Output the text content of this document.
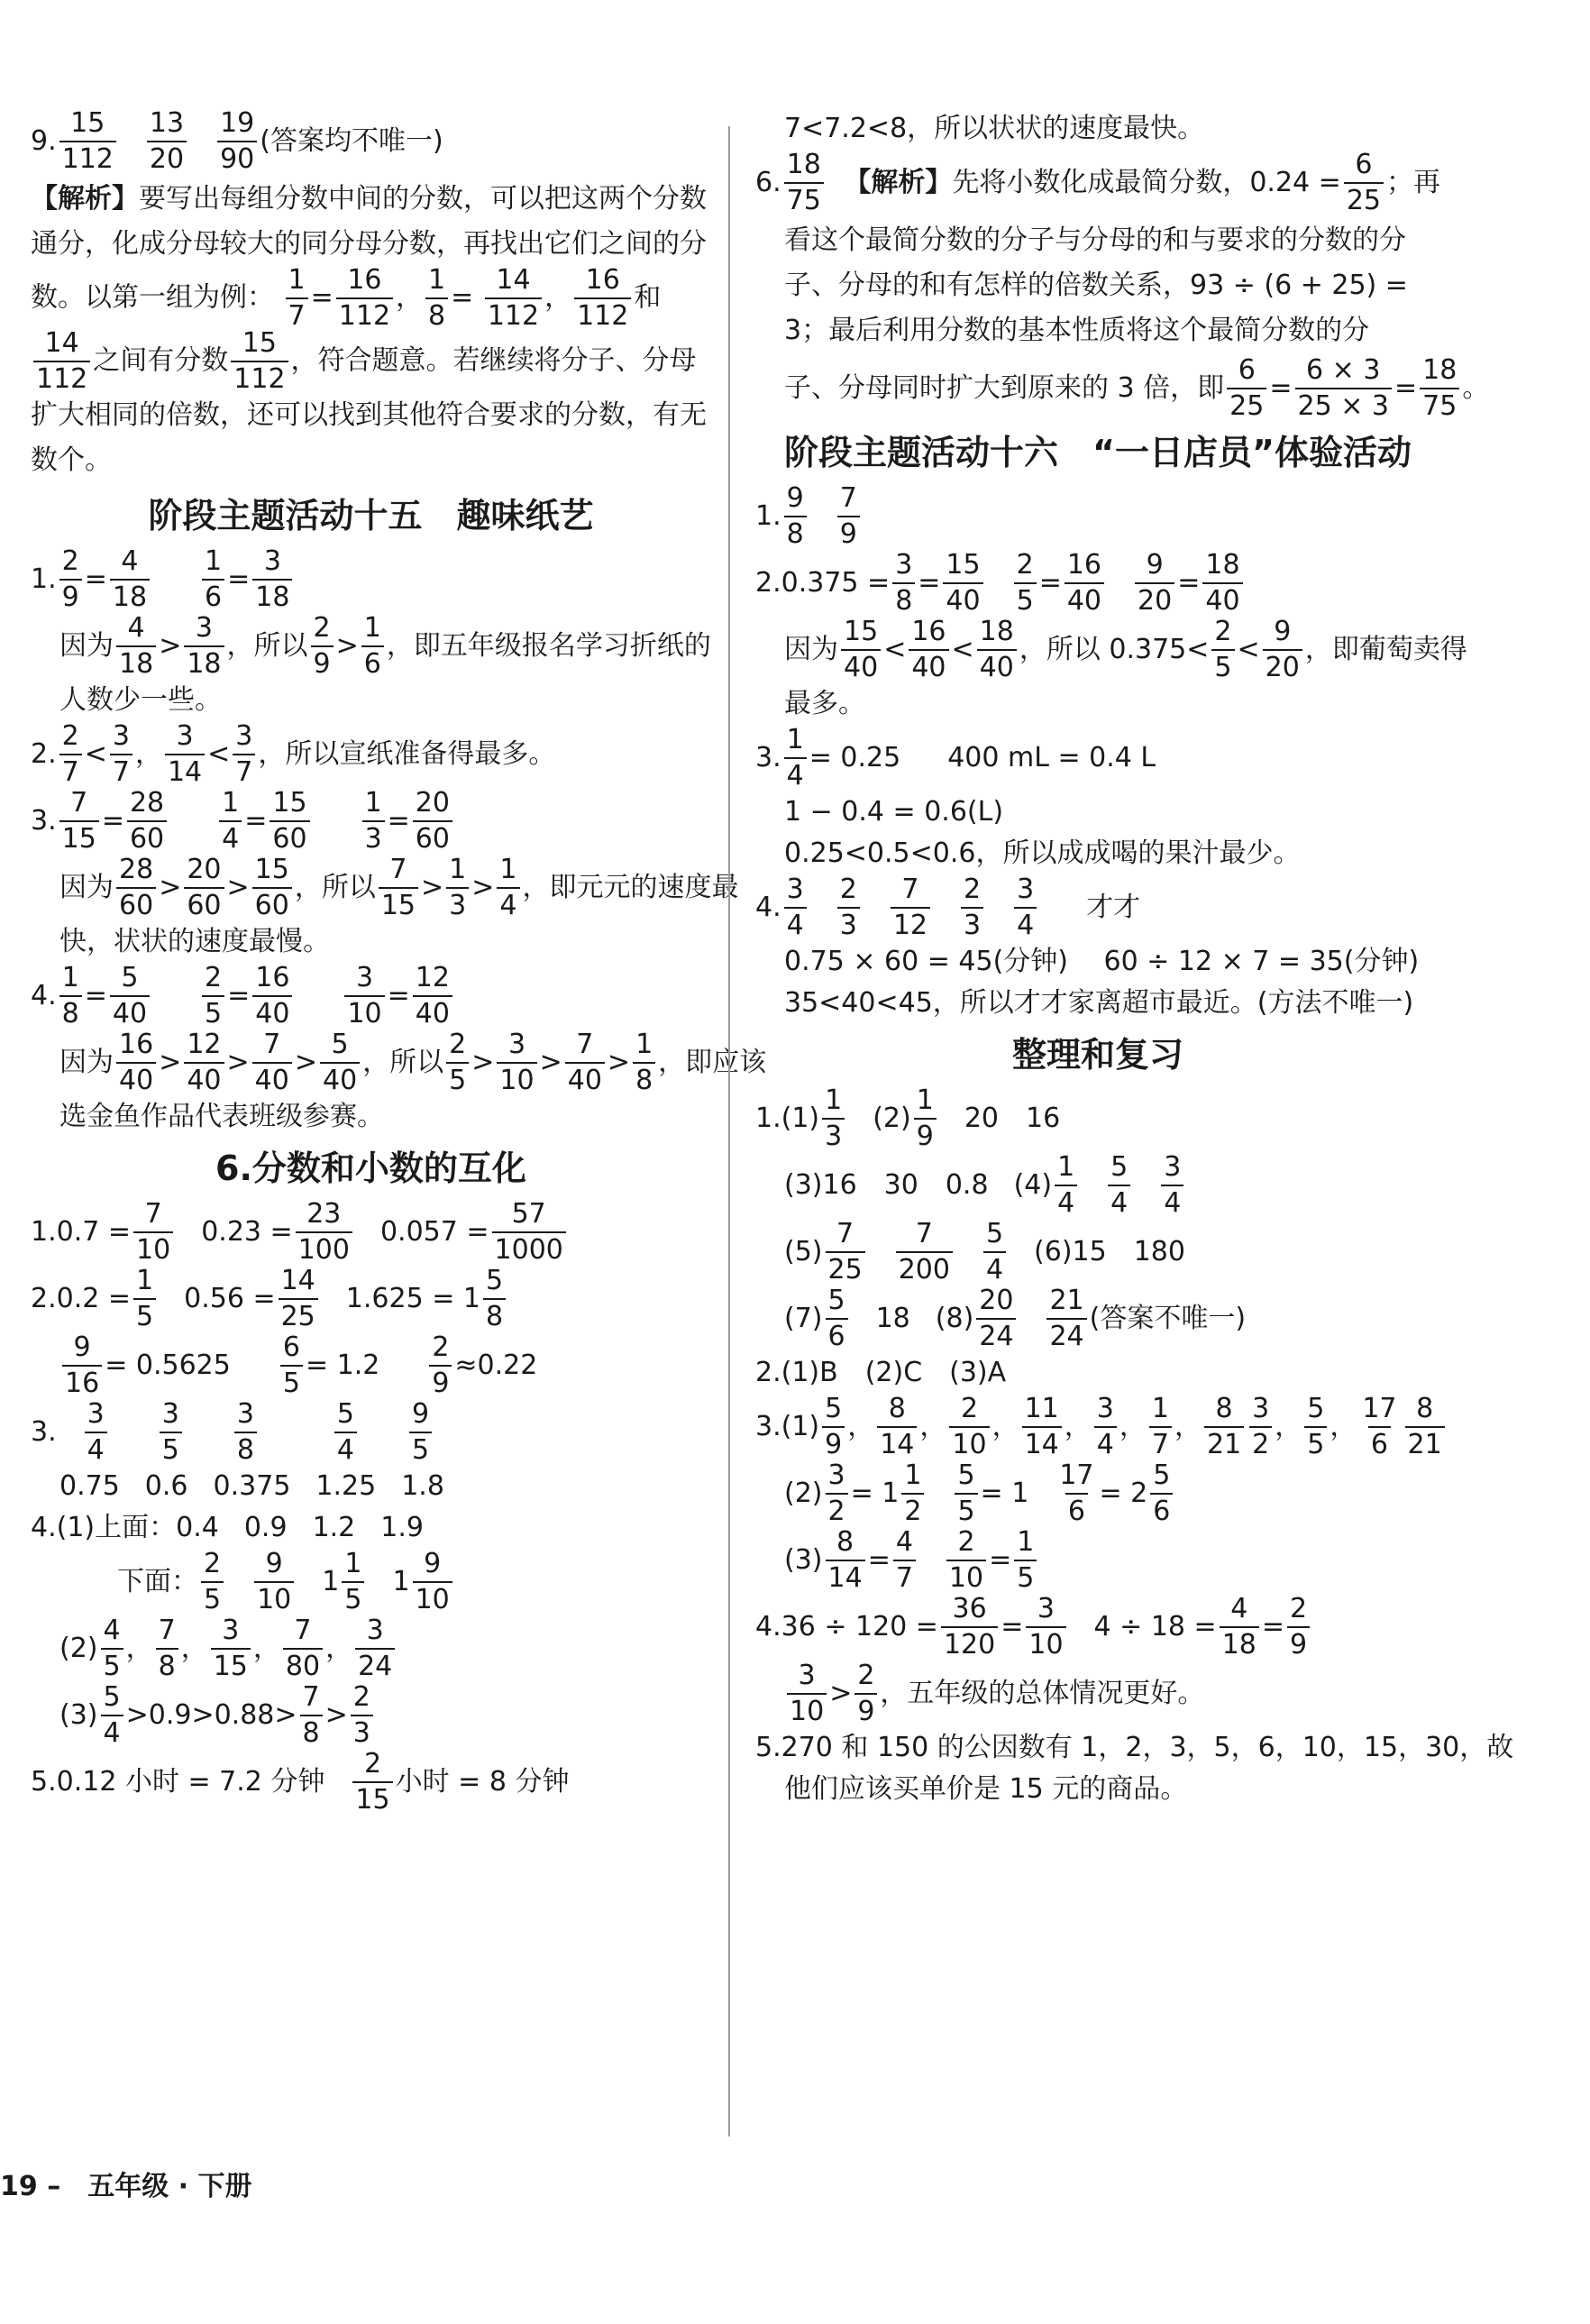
9. $\frac{15}{112} \frac{13}{20} \frac{19}{90}$ (答案均不唯一)

【解析】要写出每组分数中间的分数，可以把这两个分数通分，化成分母较大的同分母分数，再找出它们之间的分数。以第一组为例： $\frac{1}{7} = \frac{16}{112}$ ， $\frac{1}{8} = \frac{14}{112}$ ， $\frac{16}{112}$ 和
$\frac{14}{112}$ 之间有分数 $\frac{15}{112}$ ，符合题意。若继续将分子、分母扩大相同的倍数，还可以找到其他符合要求的分数，有无数个。

阶段主题活动十五　趣味纸艺
1. $\frac{2}{9} = \frac{4}{18} \frac{1}{6} = \frac{3}{18}$
因为 $\frac{4}{18} > \frac{3}{18}$ ，所以 $\frac{2}{9} > \frac{1}{6}$ ，即五年级报名学习折纸的
人数少一些。
2. $\frac{2}{7} < \frac{3}{7}$ ， $\frac{3}{14} < \frac{3}{7}$ ，所以宣纸准备得最多。
3. $\frac{7}{15} = \frac{28}{60} \frac{1}{4} = \frac{15}{60} \frac{1}{3} = \frac{20}{60}$
因为 $\frac{28}{60} > \frac{20}{60} > \frac{15}{60}$ ，所以 $\frac{7}{15} > \frac{1}{3} > \frac{1}{4}$ ，即元元的速度最
快，状状的速度最慢。
4. $\frac{1}{8} = \frac{5}{40} \frac{2}{5} = \frac{16}{40} \frac{3}{10} = \frac{12}{40}$
因为 $\frac{16}{40} > \frac{12}{40} > \frac{7}{40} > \frac{5}{40}$ ，所以 $\frac{2}{5} > \frac{3}{10} > \frac{7}{40} > \frac{1}{8}$ ，即应该
选金鱼作品代表班级参赛。
6.分数和小数的互化
1. $0.7 = \frac{7}{10} 0.23 = \frac{23}{100} 0.057 = \frac{57}{1000}$
2. $0.2 = \frac{1}{5} 0.56 = \frac{14}{25} 1.625 = 1 \frac{5}{8}$
$\frac{9}{16} = 0.5625 \frac{6}{5} = 1.2 \frac{2}{9} \approx 0.22$
3. $\frac{3}{4} \frac{3}{5} \frac{3}{8}$	$\frac{5}{4} \frac{9}{5}$
0.75 0.6 0.375 1.25 1.8
4. (1)上面： 0.4 0.9 1.2 1.9
下面： $\frac{2}{5} \frac{9}{10} 1 \frac{1}{5} 1 \frac{9}{10}$
$(2) \frac{4}{5}$ ， $\frac{7}{8}$ ， $\frac{3}{15}$ ， $\frac{7}{80}$ ， $\frac{3}{24}$
$(3) \frac{5}{4} >0.9>0.88> \frac{7}{8} > \frac{2}{3}$
5. 0.12 小时 = 7.2 分钟 $\frac{2}{15}$ 小时 = 8 分钟
7<7.2<8，所以状状的速度最快。
6. $\frac{18}{75}$ 【解析】 先将小数化成最简分数，$0.24 = \frac{6}{25}$ ；再

看这个最简分数的分子与分母的和与要求的分数的分子、分母的和有怎样的倍数关系，93 ÷ (6 + 25) = 3；最后利用分数的基本性质将这个最简分数的分

子、分母同时扩大到原来的 3 倍，即 $\frac{6}{25} = \frac{6 \times 3}{25 \times 3} = \frac{18}{75}$ 。
阶段主题活动十六　“一日店员”体验活动
1. $\frac{9}{8} \frac{7}{9}$
2. $0.375 = \frac{3}{8} = \frac{15}{40} \frac{2}{5} = \frac{16}{40} \frac{9}{20} = \frac{18}{40}$
因为 $\frac{15}{40} < \frac{16}{40} < \frac{18}{40}$ ，所以 $0.375< \frac{2}{5} < \frac{9}{20}$ ，即葡萄卖得
最多。
3. $\frac{1}{4} = 0.25$ 400 mL = 0.4 L
1 − 0.4 = 0.6(L)
0.25<0.5<0.6，所以成成喝的果汁最少。
4. $\frac{3}{4} \frac{2}{3} \frac{7}{12} \frac{2}{3} \frac{3}{4}$ 才才
0.75 × 60 = 45(分钟)　 60 ÷ 12 × 7 = 35(分钟)
35<40<45，所以才才家离超市最近。(方法不唯一)
整理和复习
1. $(1) \frac{1}{3} (2) \frac{1}{9} 20$　16
(3)16　30　0.8 $(4) \frac{1}{4} \frac{5}{4} \frac{3}{4}$
$(5) \frac{7}{25} \frac{7}{200} \frac{5}{4} (6)15$　180
$(7) \frac{5}{6} 18$ $(8) \frac{20}{24} \frac{21}{24}$ (答案不唯一)
2.(1)B　(2)C　(3)A
3. $(1) \frac{5}{9}$ ， $\frac{8}{14}$ ， $\frac{2}{10}$ ， $\frac{11}{14}$ ， $\frac{3}{4}$ ， $\frac{1}{7}$ ， $\frac{8}{21} \frac{3}{2}$ ， $\frac{5}{5}$ ， $\frac{17}{6} \frac{8}{21}$
$(2) \frac{3}{2} = 1 \frac{1}{2} \frac{5}{5} = 1 \frac{17}{6} = 2 \frac{5}{6}$
$(3) \frac{8}{14} = \frac{4}{7} \frac{2}{10} = \frac{1}{5}$
4. $36 \div 120 = \frac{36}{120} = \frac{3}{10} 4 \div 18 = \frac{4}{18} = \frac{2}{9}$
$\frac{3}{10} > \frac{2}{9}$ ，五年级的总体情况更好。
5.270 和 150 的公因数有 1，2，3，5，6，10，15，30，故
他们应该买单价是 15 元的商品。
19 –　五年级 · 下册
